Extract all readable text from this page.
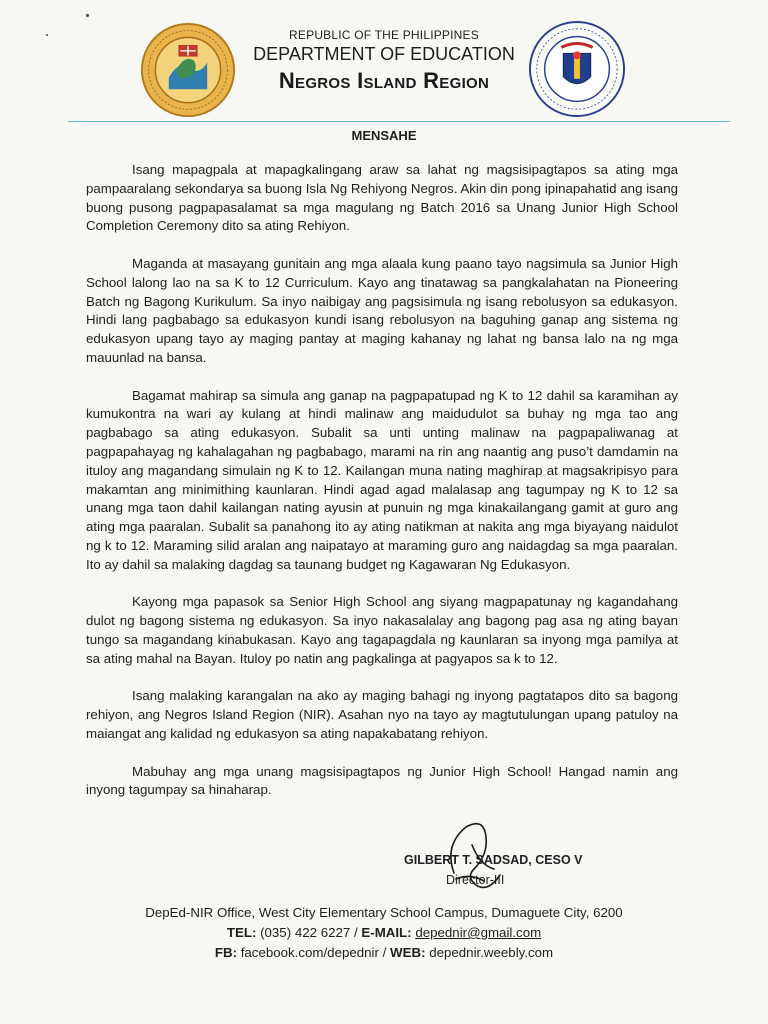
REPUBLIC OF THE PHILIPPINES
DEPARTMENT OF EDUCATION
Negros Island Region
MENSAHE

Isang mapagpala at mapagkalingang araw sa lahat ng magsisipagtapos sa ating mga pampaaralang sekondarya sa buong Isla Ng Rehiyong Negros. Akin din pong ipinapahatid ang isang buong pusong pagpapasalamat sa mga magulang ng Batch 2016 sa Unang Junior High School Completion Ceremony dito sa ating Rehiyon.

Maganda at masayang gunitain ang mga alaala kung paano tayo nagsimula sa Junior High School lalong lao na sa K to 12 Curriculum. Kayo ang tinatawag sa pangkalahatan na Pioneering Batch ng Bagong Kurikulum. Sa inyo naibigay ang pagsisimula ng isang rebolusyon sa edukasyon. Hindi lang pagbabago sa edukasyon kundi isang rebolusyon na baguhing ganap ang sistema ng edukasyon upang tayo ay maging pantay at maging kahanay ng lahat ng bansa lalo na ng mga mauunlad na bansa.

Bagamat mahirap sa simula ang ganap na pagpapatupad ng K to 12 dahil sa karamihan ay kumukontra na wari ay kulang at hindi malinaw ang maidudulot sa buhay ng mga tao ang pagbabago sa ating edukasyon. Subalit sa unti unting malinaw na pagpapaliwanag at pagpapahayag ng kahalagahan ng pagbabago, marami na rin ang naantig ang puso’t damdamin na ituloy ang magandang simulain ng K to 12. Kailangan muna nating maghirap at magsakripisyo para makamtan ang minimithing kaunlaran. Hindi agad agad malalasap ang tagumpay ng K to 12 sa unang mga taon dahil kailangan nating ayusin at punuin ng mga kinakailangang gamit at guro ang ating mga paaralan. Subalit sa panahong ito ay ating natikman at nakita ang mga biyayang naidulot ng k to 12. Maraming silid aralan ang naipatayo at maraming guro ang naidagdag sa mga paaralan. Ito ay dahil sa malaking dagdag sa taunang budget ng Kagawaran Ng Edukasyon.

Kayong mga papasok sa Senior High School ang siyang magpapatunay ng kagandahang dulot ng bagong sistema ng edukasyon. Sa inyo nakasalalay ang bagong pag asa ng ating bayan tungo sa magandang kinabukasan. Kayo ang tagapagdala ng kaunlaran sa inyong mga pamilya at sa ating mahal na Bayan. Ituloy po natin ang pagkalinga at pagyapos sa k to 12.

Isang malaking karangalan na ako ay maging bahagi ng inyong pagtatapos dito sa bagong rehiyon, ang Negros Island Region (NIR). Asahan nyo na tayo ay magtutulungan upang patuloy na maiangat ang kalidad ng edukasyon sa ating napakabatang rehiyon.

Mabuhay ang mga unang magsisipagtapos ng Junior High School! Hangad namin ang inyong tagumpay sa hinaharap.

GILBERT T. SADSAD, CESO V
Director-III
DepEd-NIR Office, West City Elementary School Campus, Dumaguete City, 6200
TEL: (035) 422 6227 / E-MAIL: depednir@gmail.com
FB: facebook.com/depednir / WEB: depednir.weebly.com
